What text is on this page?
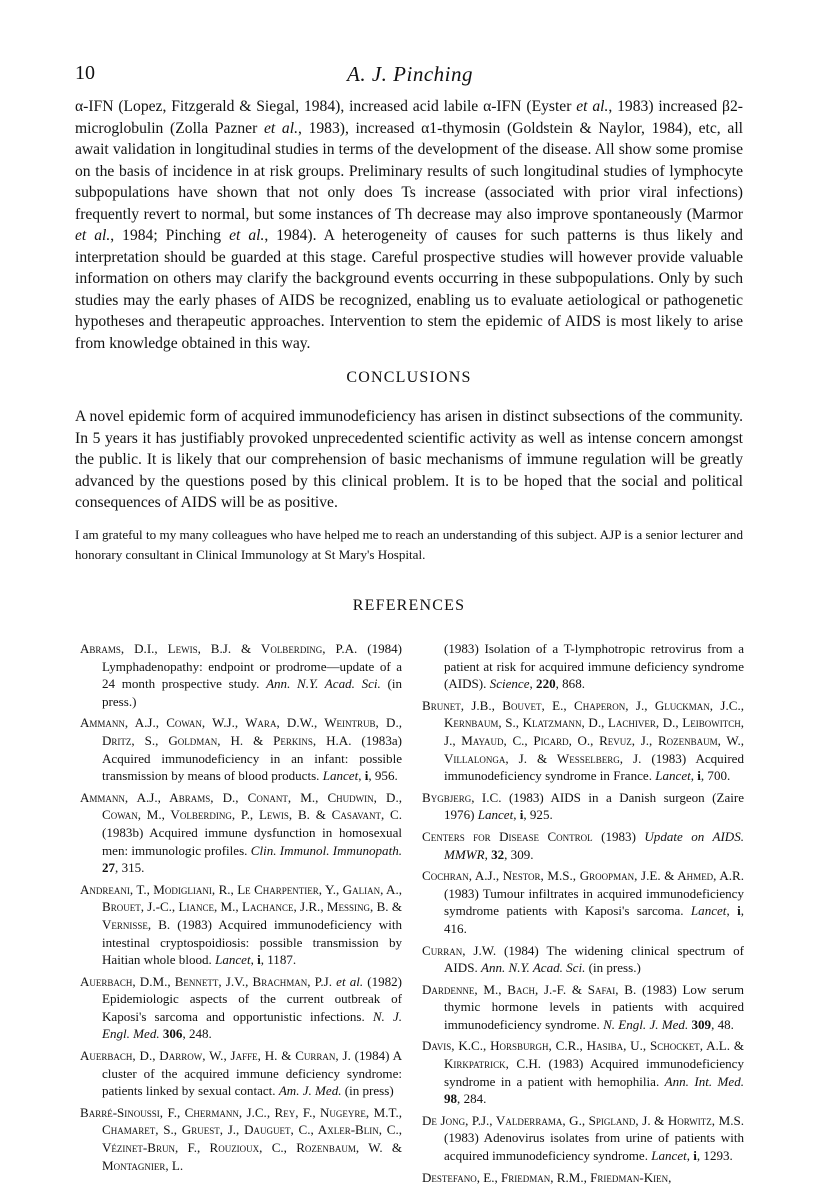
10	A. J. Pinching

α-IFN (Lopez, Fitzgerald & Siegal, 1984), increased acid labile α-IFN (Eyster et al., 1983) increased β2-microglobulin (Zolla Pazner et al., 1983), increased α1-thymosin (Goldstein & Naylor, 1984), etc, all await validation in longitudinal studies in terms of the development of the disease. All show some promise on the basis of incidence in at risk groups. Preliminary results of such longitudinal studies of lymphocyte subpopulations have shown that not only does Ts increase (associated with prior viral infections) frequently revert to normal, but some instances of Th decrease may also improve spontaneously (Marmor et al., 1984; Pinching et al., 1984). A heterogeneity of causes for such patterns is thus likely and interpretation should be guarded at this stage. Careful prospective studies will however provide valuable information on others may clarify the background events occurring in these subpopulations. Only by such studies may the early phases of AIDS be recognized, enabling us to evaluate aetiological or pathogenetic hypotheses and therapeutic approaches. Intervention to stem the epidemic of AIDS is most likely to arise from knowledge obtained in this way.

CONCLUSIONS

A novel epidemic form of acquired immunodeficiency has arisen in distinct subsections of the community. In 5 years it has justifiably provoked unprecedented scientific activity as well as intense concern amongst the public. It is likely that our comprehension of basic mechanisms of immune regulation will be greatly advanced by the questions posed by this clinical problem. It is to be hoped that the social and political consequences of AIDS will be as positive.

I am grateful to my many colleagues who have helped me to reach an understanding of this subject. AJP is a senior lecturer and honorary consultant in Clinical Immunology at St Mary's Hospital.

REFERENCES

Abrams, D.I., Lewis, B.J. & Volberding, P.A. (1984) Lymphadenopathy: endpoint or prodrome—update of a 24 month prospective study. Ann. N.Y. Acad. Sci. (in press.)

Ammann, A.J., Cowan, W.J., Wara, D.W., Weintrub, D., Dritz, S., Goldman, H. & Perkins, H.A. (1983a) Acquired immunodeficiency in an infant: possible transmission by means of blood products. Lancet, i, 956.

Ammann, A.J., Abrams, D., Conant, M., Chudwin, D., Cowan, M., Volberding, P., Lewis, B. & Casavant, C. (1983b) Acquired immune dysfunction in homosexual men: immunologic profiles. Clin. Immunol. Immunopath. 27, 315.

Andreani, T., Modigliani, R., Le Charpentier, Y., Galian, A., Brouet, J.-C., Liance, M., Lachance, J.R., Messing, B. & Vernisse, B. (1983) Acquired immunodeficiency with intestinal cryptospoidiosis: possible transmission by Haitian whole blood. Lancet, i, 1187.

Auerbach, D.M., Bennett, J.V., Brachman, P.J. et al. (1982) Epidemiologic aspects of the current outbreak of Kaposi's sarcoma and opportunistic infections. N. J. Engl. Med. 306, 248.

Auerbach, D., Darrow, W., Jaffe, H. & Curran, J. (1984) A cluster of the acquired immune deficiency syndrome: patients linked by sexual contact. Am. J. Med. (in press)

Barré-Sinoussi, F., Chermann, J.C., Rey, F., Nugeyre, M.T., Chamaret, S., Gruest, J., Dauguet, C., Axler-Blin, C., Vézinet-Brun, F., Rouzioux, C., Rozenbaum, W. & Montagnier, L.

(1983) Isolation of a T-lymphotropic retrovirus from a patient at risk for acquired immune deficiency syndrome (AIDS). Science, 220, 868.

Brunet, J.B., Bouvet, E., Chaperon, J., Gluckman, J.C., Kernbaum, S., Klatzmann, D., Lachiver, D., Leibowitch, J., Mayaud, C., Picard, O., Revuz, J., Rozenbaum, W., Villalonga, J. & Wesselberg, J. (1983) Acquired immunodeficiency syndrome in France. Lancet, i, 700.

Bygbjerg, I.C. (1983) AIDS in a Danish surgeon (Zaire 1976) Lancet, i, 925.

Centers for Disease Control (1983) Update on AIDS. MMWR, 32, 309.

Cochran, A.J., Nestor, M.S., Groopman, J.E. & Ahmed, A.R. (1983) Tumour infiltrates in acquired immunodeficiency symdrome patients with Kaposi's sarcoma. Lancet, i, 416.

Curran, J.W. (1984) The widening clinical spectrum of AIDS. Ann. N.Y. Acad. Sci. (in press.)

Dardenne, M., Bach, J.-F. & Safai, B. (1983) Low serum thymic hormone levels in patients with acquired immunodeficiency syndrome. N. Engl. J. Med. 309, 48.

Davis, K.C., Horsburgh, C.R., Hasiba, U., Schocket, A.L. & Kirkpatrick, C.H. (1983) Acquired immunodeficiency syndrome in a patient with hemophilia. Ann. Int. Med. 98, 284.

De Jong, P.J., Valderrama, G., Spigland, J. & Horwitz, M.S. (1983) Adenovirus isolates from urine of patients with acquired immunodeficiency syndrome. Lancet, i, 1293.

Destefano, E., Friedman, R.M., Friedman-Kien,
